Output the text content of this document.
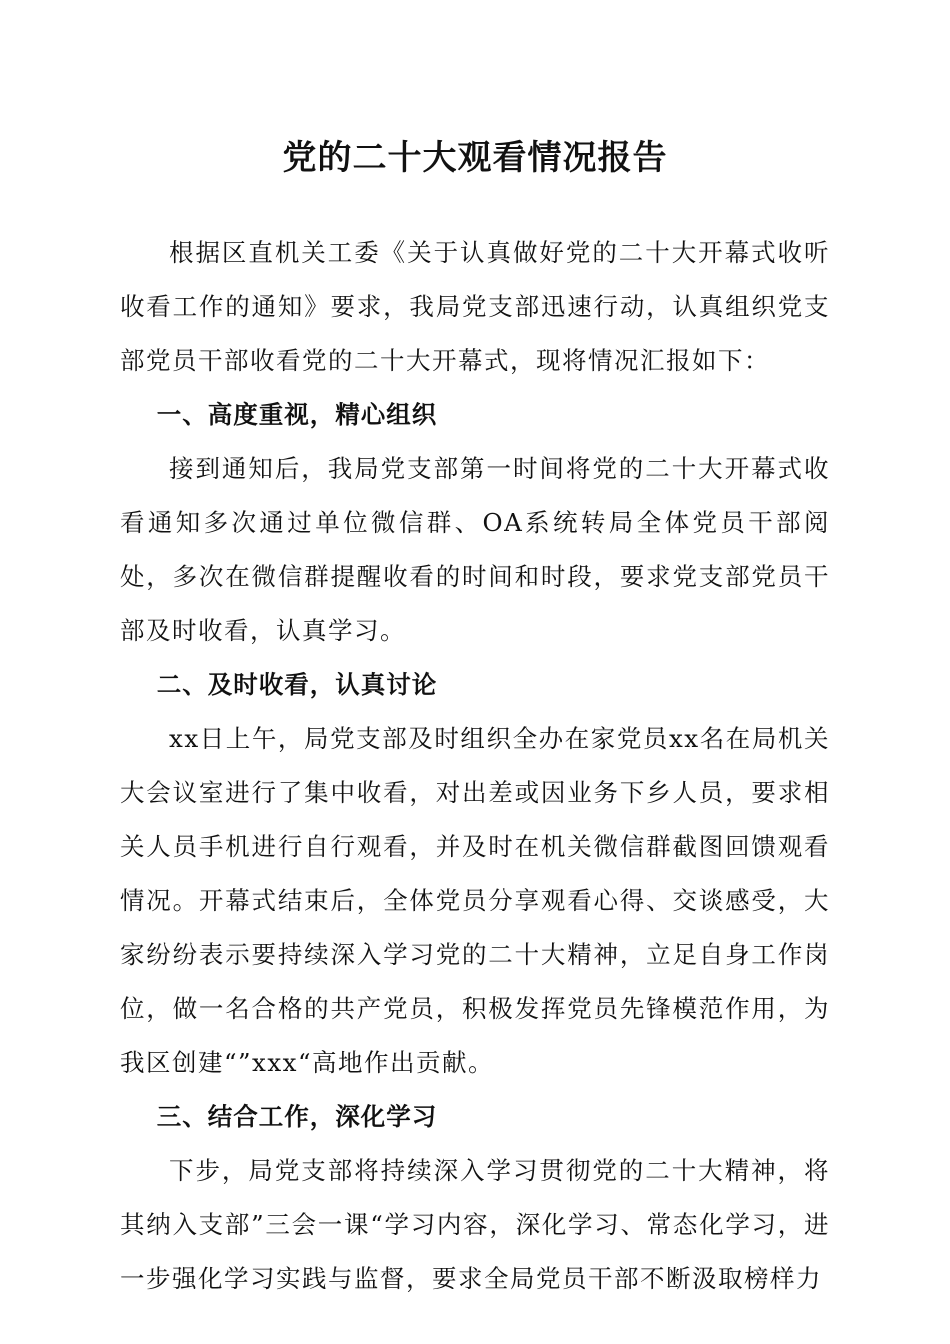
党的二十大观看情况报告

根据区直机关工委《关于认真做好党的二十大开幕式收听收看工作的通知》要求，我局党支部迅速行动，认真组织党支部党员干部收看党的二十大开幕式，现将情况汇报如下：

一、高度重视，精心组织

接到通知后，我局党支部第一时间将党的二十大开幕式收看通知多次通过单位微信群、OA系统转局全体党员干部阅处，多次在微信群提醒收看的时间和时段，要求党支部党员干部及时收看，认真学习。

二、及时收看，认真讨论

xx日上午，局党支部及时组织全办在家党员xx名在局机关大会议室进行了集中收看，对出差或因业务下乡人员，要求相关人员手机进行自行观看，并及时在机关微信群截图回馈观看情况。开幕式结束后，全体党员分享观看心得、交谈感受，大家纷纷表示要持续深入学习党的二十大精神，立足自身工作岗位，做一名合格的共产党员，积极发挥党员先锋模范作用，为我区创建“”xxx“高地作出贡献。

三、结合工作，深化学习

下步，局党支部将持续深入学习贯彻党的二十大精神，将其纳入支部”三会一课“学习内容，深化学习、常态化学习，进一步强化学习实践与监督，要求全局党员干部不断汲取榜样力
